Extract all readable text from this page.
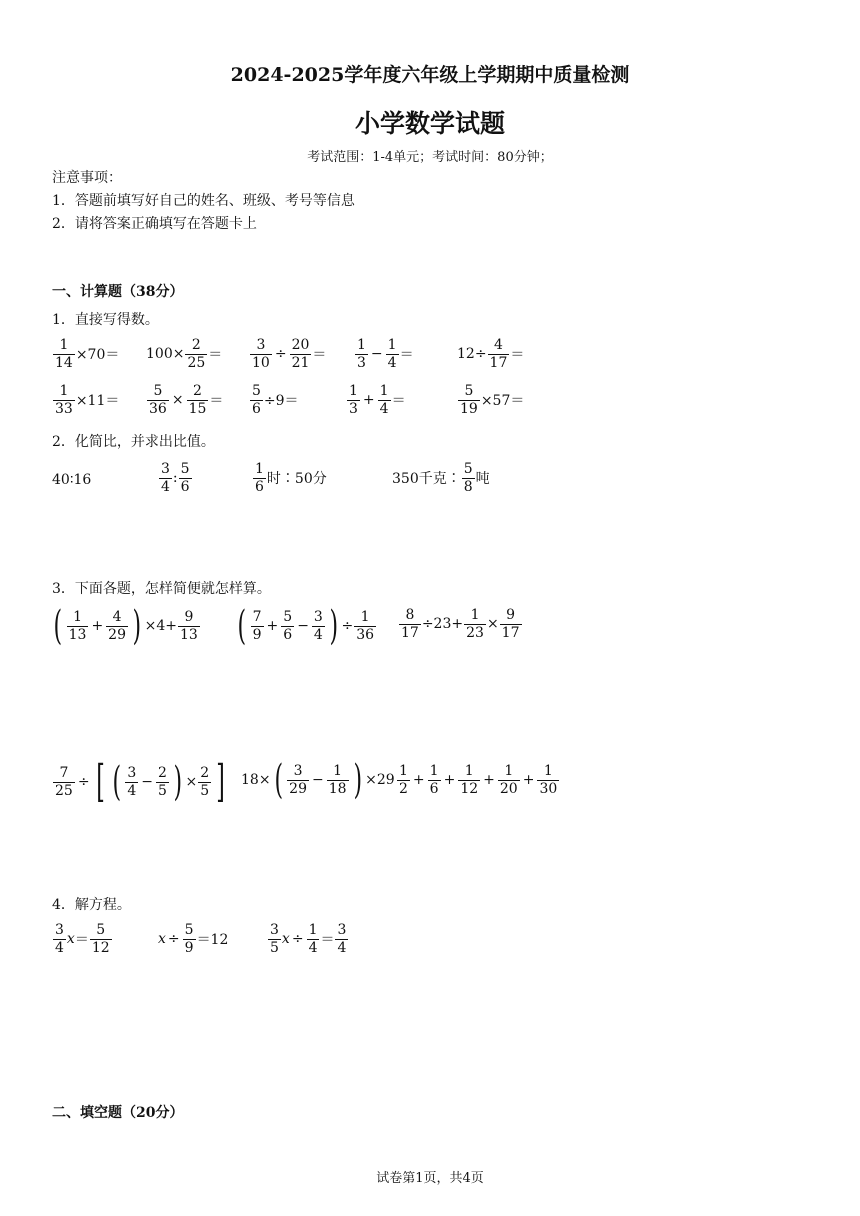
2024-2025学年度六年级上学期期中质量检测
小学数学试题
考试范围：1-4单元；考试时间：80分钟；
注意事项：
1．答题前填写好自己的姓名、班级、考号等信息
2．请将答案正确填写在答题卡上
一、计算题（38分）
1．直接写得数。
$\frac{1}{14} \times 70= 100\times \frac{2}{25} = \frac{3}{10} \div \frac{20}{21} = \frac{1}{3} - \frac{1}{4}$ ＝	$12\div \frac{4}{17}$ ＝
$\frac{1}{33} \times 11= \frac{5}{36} \times \frac{2}{15} = \frac{5}{6} \div 9=$	$\frac{1}{3} + \frac{1}{4}$ ＝	$\frac{5}{19} \times 57=$
2．化简比，并求出比值。
40∶16	$\frac{3}{4}$ : $\frac{5}{6}$	$\frac{1}{6}$ 时∶50分	350千克∶ $\frac{5}{8}$ 吨
3．下面各题，怎样简便就怎样算。
( $\frac{1}{13} + \frac{4}{29}$ ) $\times 4+ \frac{9}{13}$ ( $\frac{7}{9} + \frac{5}{6} - \frac{3}{4}$ ) ÷ $\frac{1}{36} \frac{8}{17} \div 23+ \frac{1}{23} \times \frac{9}{17}$
$\frac{7}{25}$ ÷ [ ( $\frac{3}{4} - \frac{2}{5}$ ) × $\frac{2}{5}$ ] 18× ( $\frac{3}{29} - \frac{1}{18}$ ) $\times 29 \frac{1}{2} + \frac{1}{6} + \frac{1}{12} + \frac{1}{20} + \frac{1}{30}$
4．解方程。
$\frac{3}{4}$ $x = \frac{5}{12}$	$x \div \frac{5}{9} =12$	$\frac{3}{5}$ $x \div \frac{1}{4} = \frac{3}{4}$
二、填空题（20分）
试卷第1页，共4页
